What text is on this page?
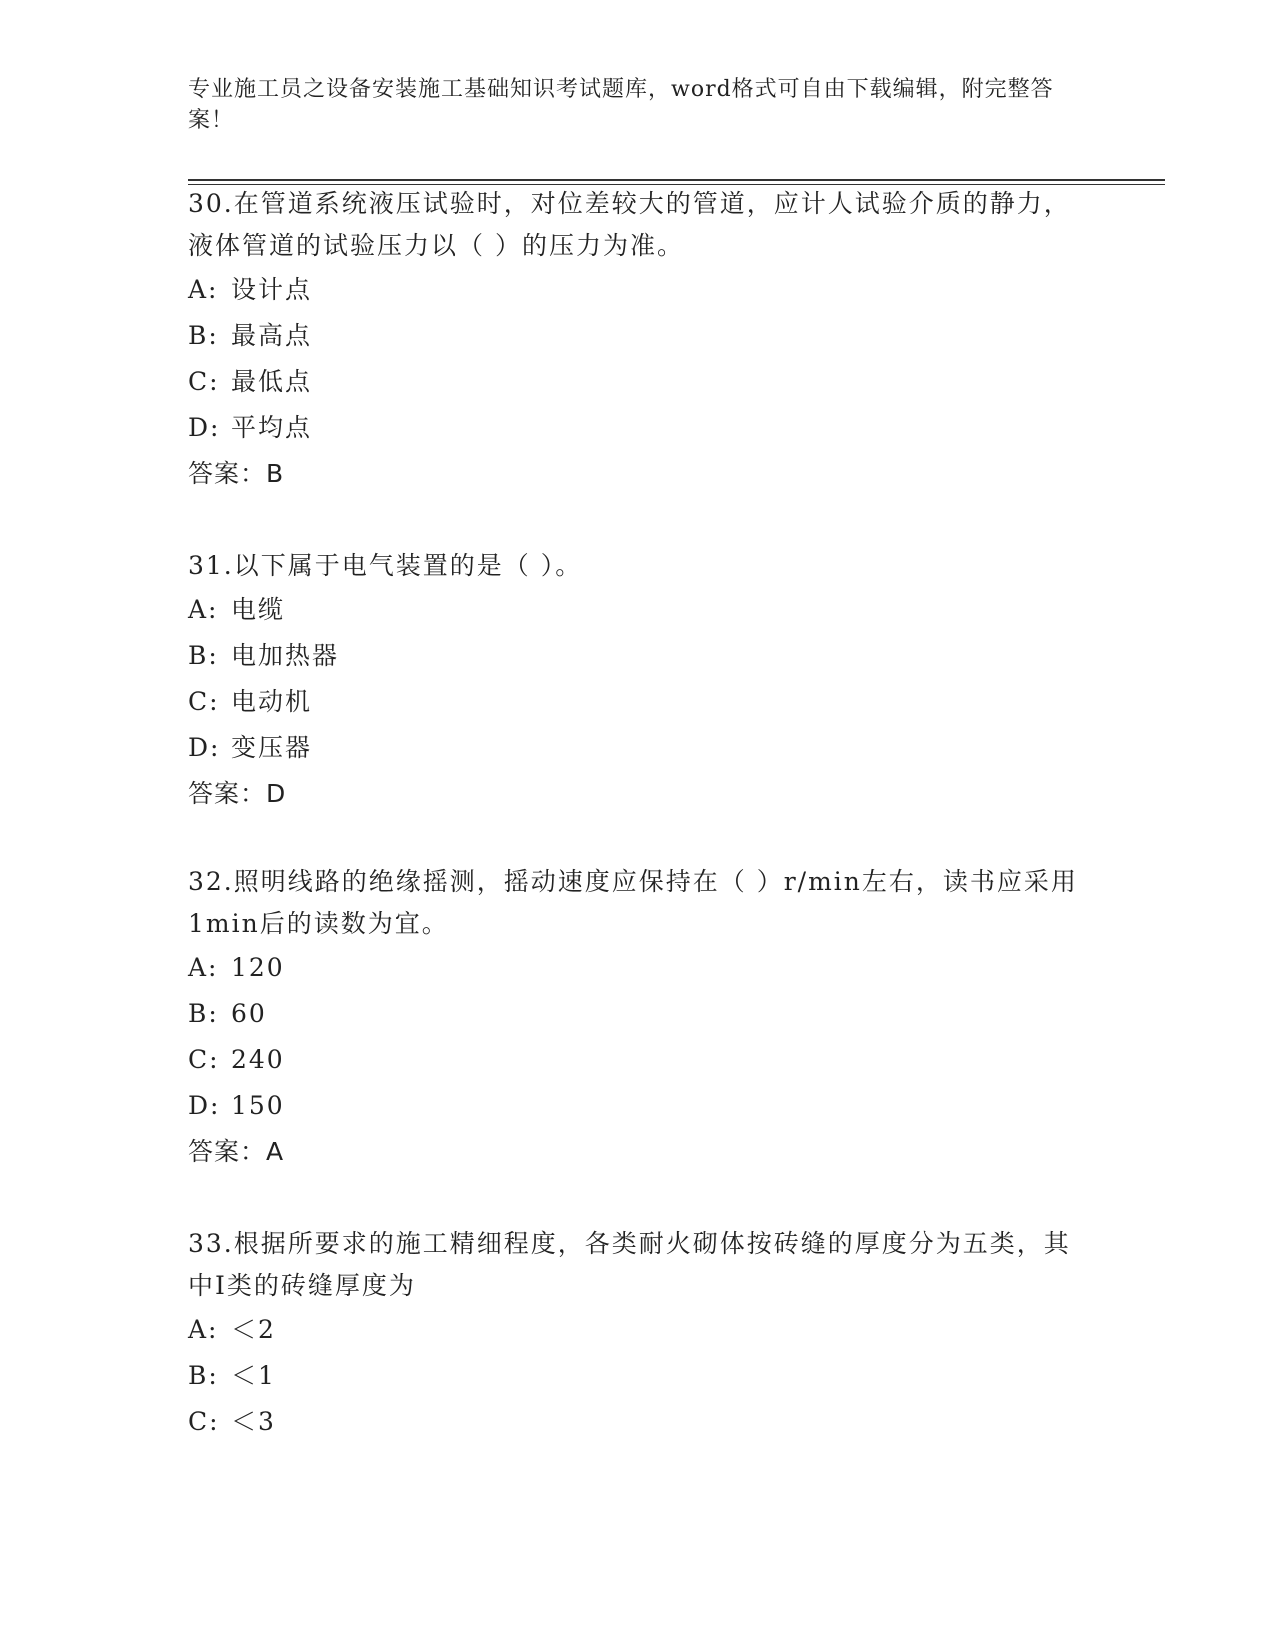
专业施工员之设备安装施工基础知识考试题库，word格式可自由下载编辑，附完整答案！
30.在管道系统液压试验时，对位差较大的管道，应计人试验介质的静力，液体管道的试验压力以（ ）的压力为准。
A: 设计点
B: 最高点
C: 最低点
D: 平均点
答案：B
31.以下属于电气装置的是（ ）。
A: 电缆
B: 电加热器
C: 电动机
D: 变压器
答案：D
32.照明线路的绝缘摇测，摇动速度应保持在（ ）r/min左右，读书应采用1min后的读数为宜。
A: 120
B: 60
C: 240
D: 150
答案：A
33.根据所要求的施工精细程度，各类耐火砌体按砖缝的厚度分为五类，其中Ⅰ类的砖缝厚度为
A: ＜2
B: ＜1
C: ＜3
